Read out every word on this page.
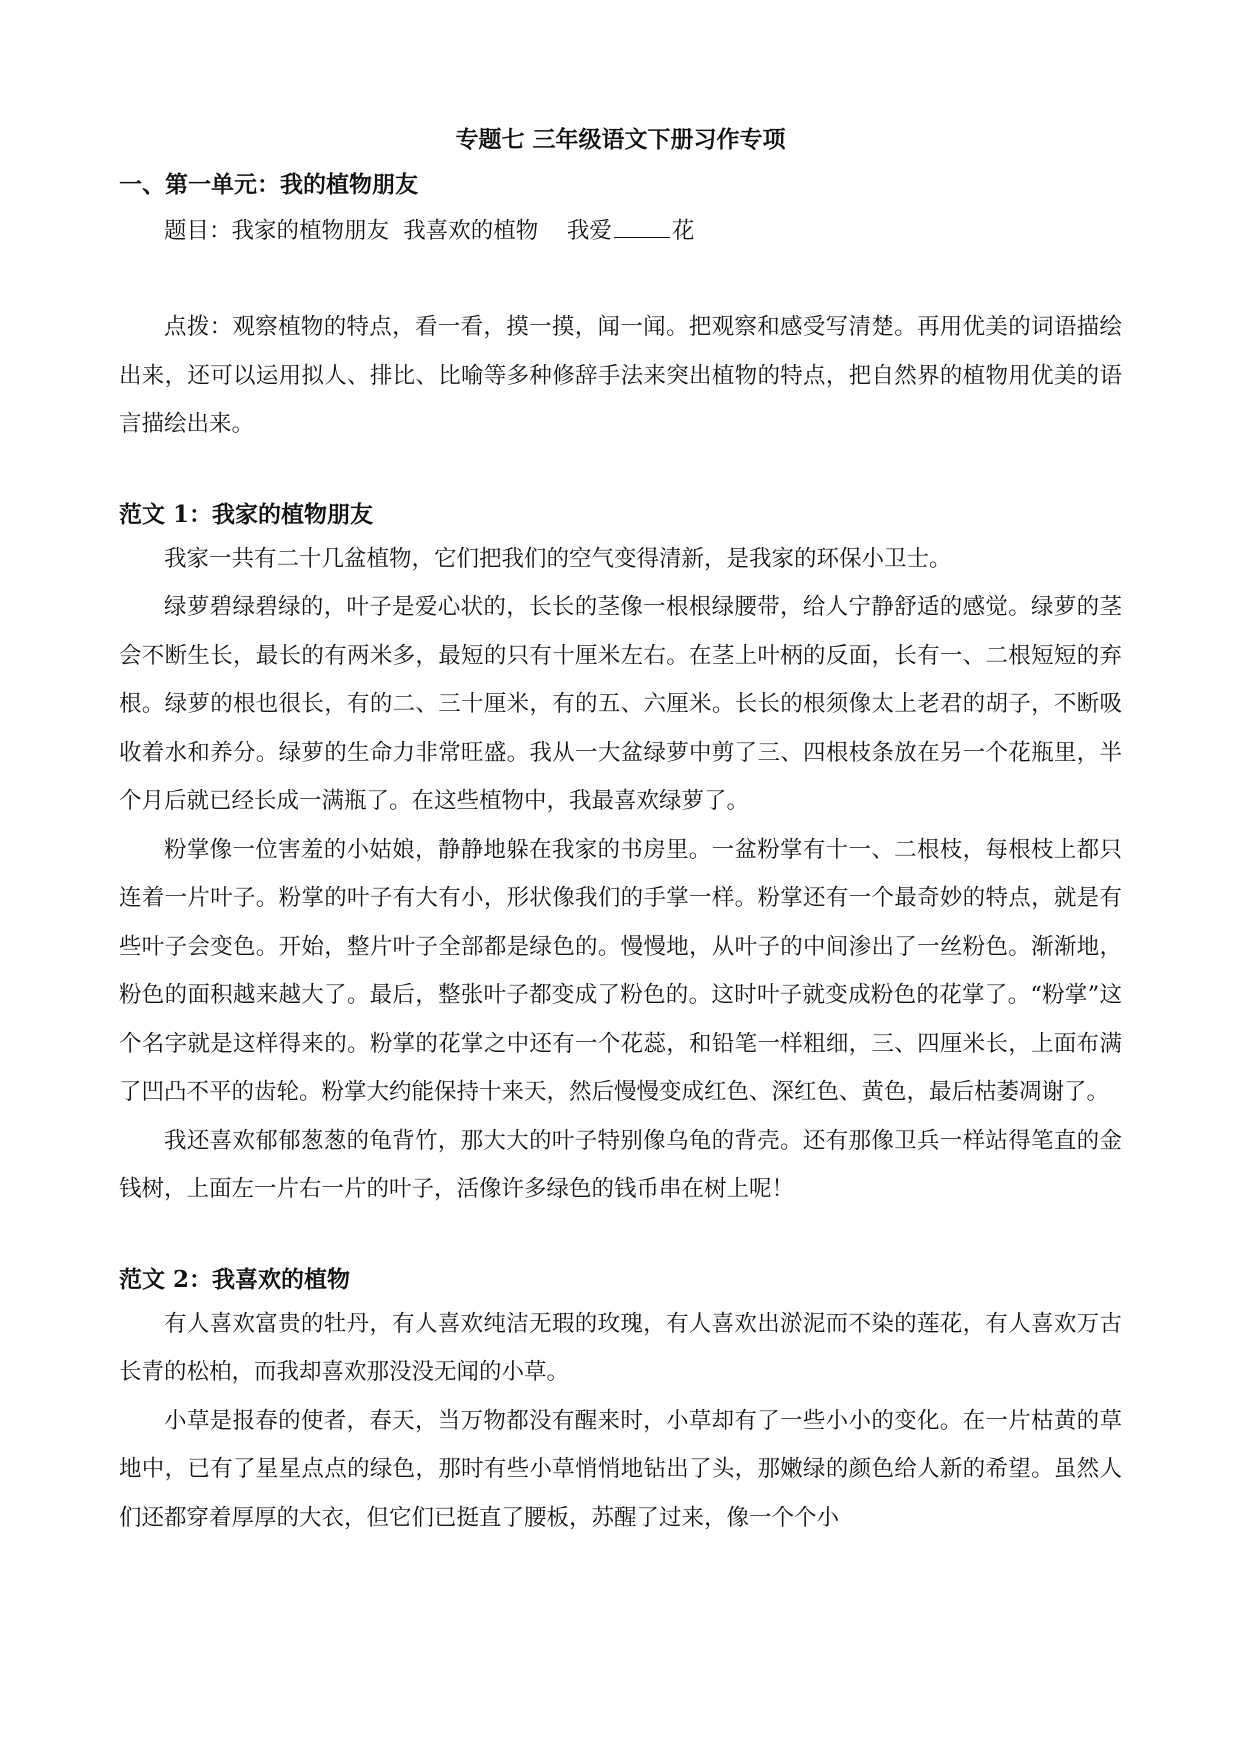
专题七 三年级语文下册习作专项

一、第一单元：我的植物朋友

题目：我家的植物朋友  我喜欢的植物    我爱	花

点拨：观察植物的特点，看一看，摸一摸，闻一闻。把观察和感受写清楚。再用优美的词语描绘出来，还可以运用拟人、排比、比喻等多种修辞手法来突出植物的特点，把自然界的植物用优美的语言描绘出来。

范文 1：我家的植物朋友

我家一共有二十几盆植物，它们把我们的空气变得清新，是我家的环保小卫士。

绿萝碧绿碧绿的，叶子是爱心状的，长长的茎像一根根绿腰带，给人宁静舒适的感觉。绿萝的茎会不断生长，最长的有两米多，最短的只有十厘米左右。在茎上叶柄的反面，长有一、二根短短的弃根。绿萝的根也很长，有的二、三十厘米，有的五、六厘米。长长的根须像太上老君的胡子，不断吸收着水和养分。绿萝的生命力非常旺盛。我从一大盆绿萝中剪了三、四根枝条放在另一个花瓶里，半个月后就已经长成一满瓶了。在这些植物中，我最喜欢绿萝了。

粉掌像一位害羞的小姑娘，静静地躲在我家的书房里。一盆粉掌有十一、二根枝，每根枝上都只连着一片叶子。粉掌的叶子有大有小，形状像我们的手掌一样。粉掌还有一个最奇妙的特点，就是有些叶子会变色。开始，整片叶子全部都是绿色的。慢慢地，从叶子的中间渗出了一丝粉色。渐渐地，粉色的面积越来越大了。最后，整张叶子都变成了粉色的。这时叶子就变成粉色的花掌了。“粉掌”这个名字就是这样得来的。粉掌的花掌之中还有一个花蕊，和铅笔一样粗细，三、四厘米长，上面布满了凹凸不平的齿轮。粉掌大约能保持十来天，然后慢慢变成红色、深红色、黄色，最后枯萎凋谢了。

我还喜欢郁郁葱葱的龟背竹，那大大的叶子特别像乌龟的背壳。还有那像卫兵一样站得笔直的金钱树，上面左一片右一片的叶子，活像许多绿色的钱币串在树上呢！

范文 2：我喜欢的植物

有人喜欢富贵的牡丹，有人喜欢纯洁无瑕的玫瑰，有人喜欢出淤泥而不染的莲花，有人喜欢万古长青的松柏，而我却喜欢那没没无闻的小草。

小草是报春的使者，春天，当万物都没有醒来时，小草却有了一些小小的变化。在一片枯黄的草地中，已有了星星点点的绿色，那时有些小草悄悄地钻出了头，那嫩绿的颜色给人新的希望。虽然人们还都穿着厚厚的大衣，但它们已挺直了腰板，苏醒了过来，像一个个小
